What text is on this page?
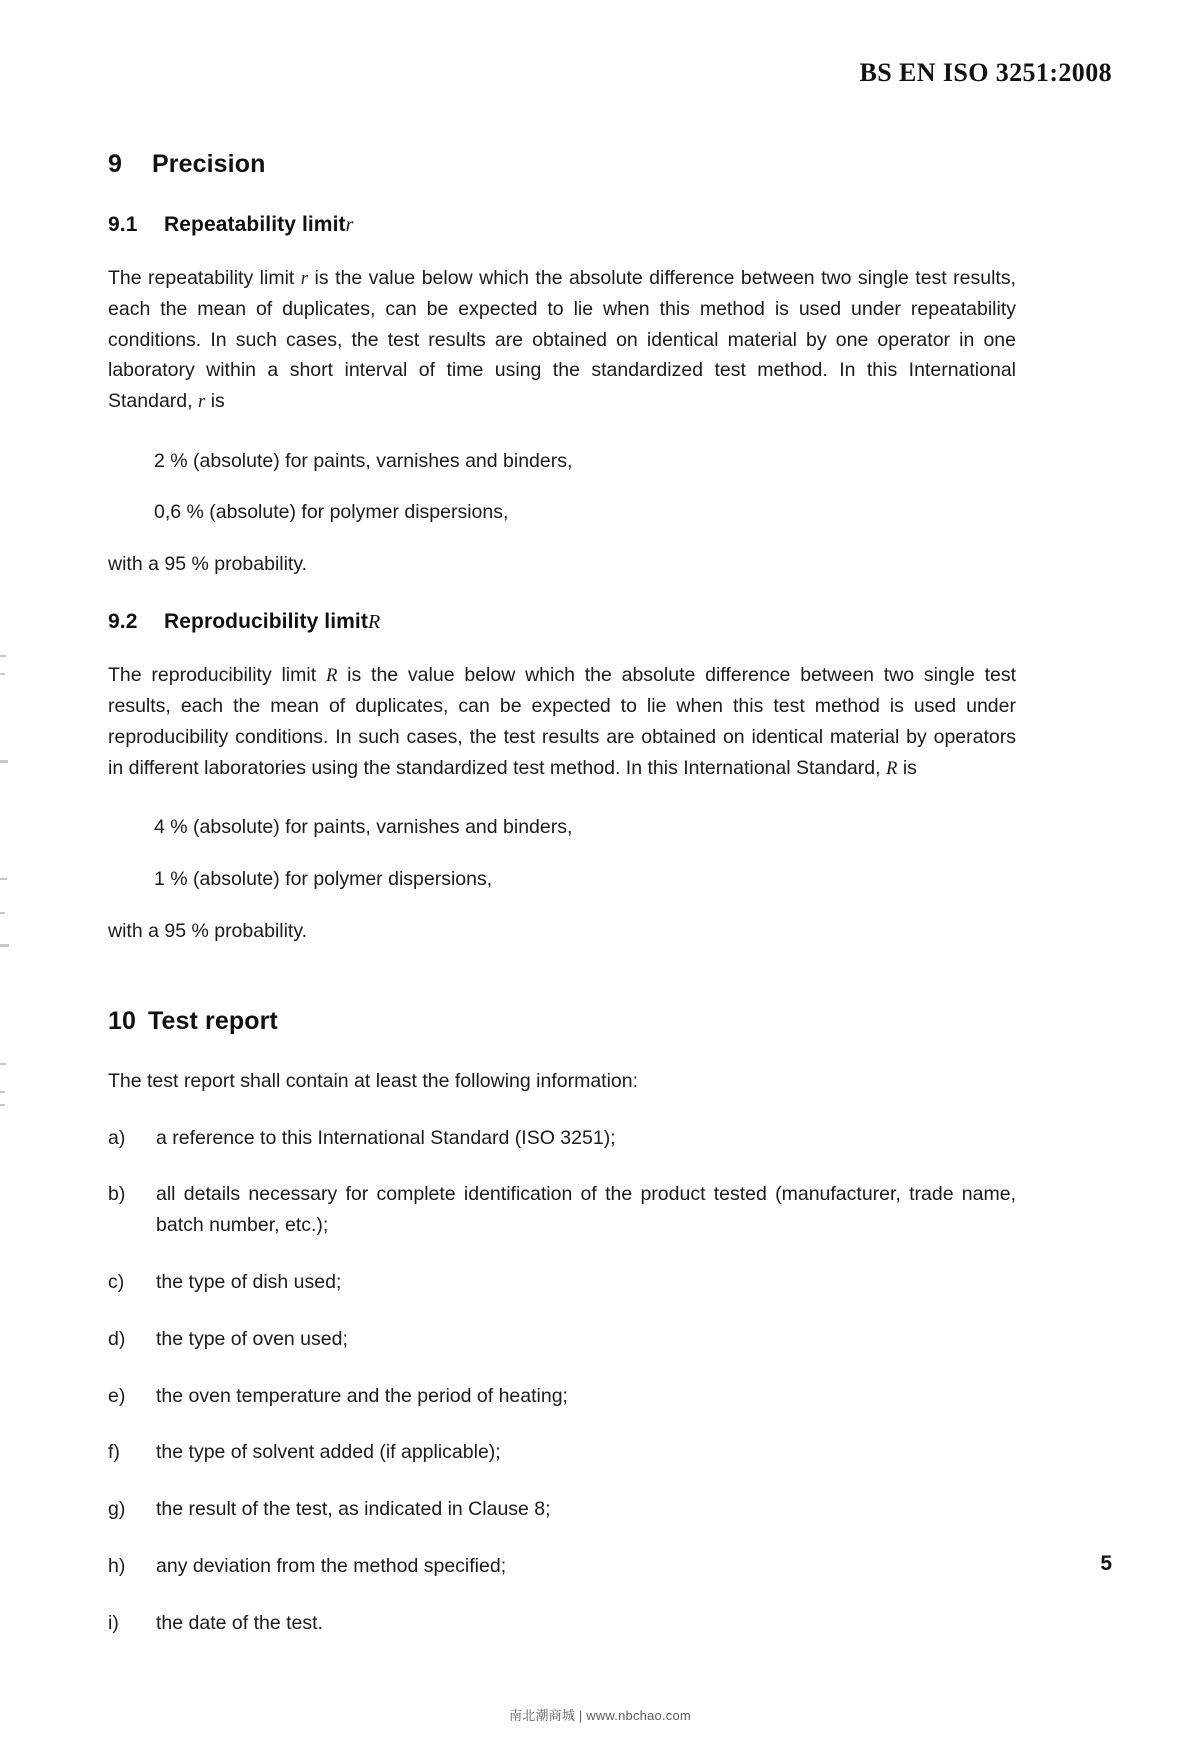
BS EN ISO 3251:2008
9 Precision
9.1 Repeatability limitr

The repeatability limit r is the value below which the absolute difference between two single test results, each the mean of duplicates, can be expected to lie when this method is used under repeatability conditions. In such cases, the test results are obtained on identical material by one operator in one laboratory within a short interval of time using the standardized test method. In this International Standard, r is

2 % (absolute) for paints, varnishes and binders,
0,6 % (absolute) for polymer dispersions,

with a 95 % probability.

9.2 Reproducibility limitR

The reproducibility limit R is the value below which the absolute difference between two single test results, each the mean of duplicates, can be expected to lie when this test method is used under reproducibility conditions. In such cases, the test results are obtained on identical material by operators in different laboratories using the standardized test method. In this International Standard, R is

4 % (absolute) for paints, varnishes and binders,
1 % (absolute) for polymer dispersions,

with a 95 % probability.

10 Test report

The test report shall contain at least the following information:

a) a reference to this International Standard (ISO 3251);
b) all details necessary for complete identification of the product tested (manufacturer, trade name, batch number, etc.);
c) the type of dish used;
d) the type of oven used;
e) the oven temperature and the period of heating;
f) the type of solvent added (if applicable);
g) the result of the test, as indicated in Clause 8;
h) any deviation from the method specified;
i) the date of the test.
5
南北潮商城 | www.nbchao.com
